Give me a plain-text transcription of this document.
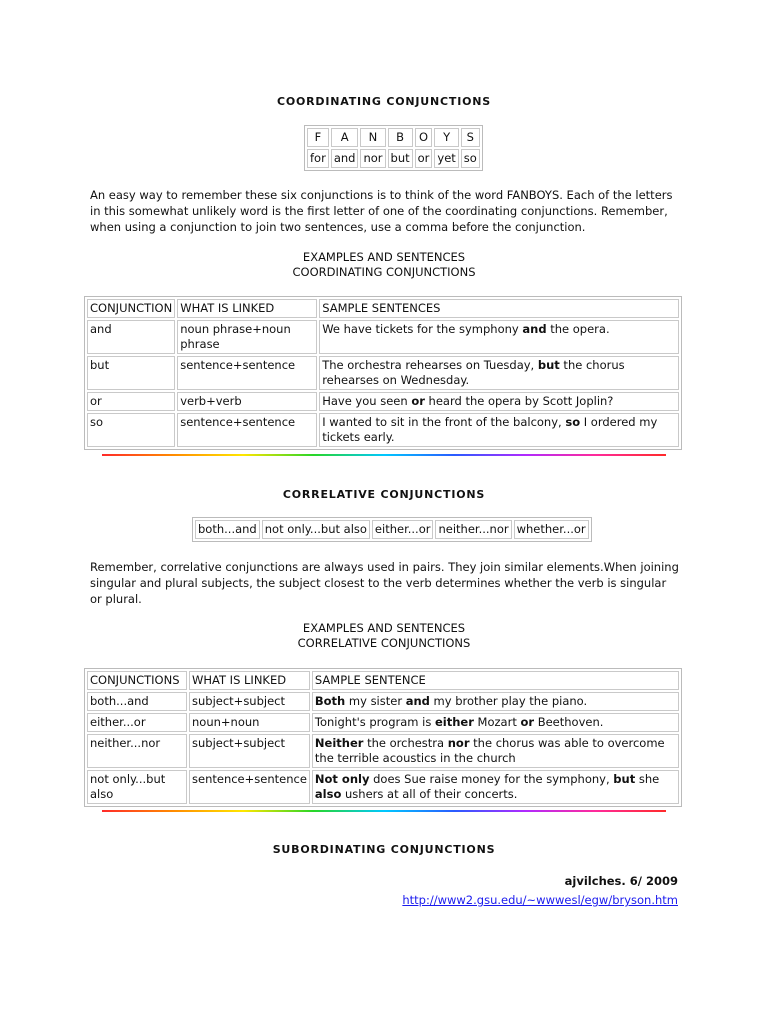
COORDINATING CONJUNCTIONS
F	A	N	B	O	Y	S
for	and	nor	but	or	yet	so
An easy way to remember these six conjunctions is to think of the word FANBOYS. Each of the letters in this somewhat unlikely word is the first letter of one of the coordinating conjunctions. Remember, when using a conjunction to join two sentences, use a comma before the conjunction.
EXAMPLES AND SENTENCES
COORDINATING CONJUNCTIONS
CONJUNCTION	WHAT IS LINKED	SAMPLE SENTENCES
and	noun phrase+noun phrase	We have tickets for the symphony and the opera.
but	sentence+sentence	The orchestra rehearses on Tuesday, but the chorus rehearses on Wednesday.
or	verb+verb	Have you seen or heard the opera by Scott Joplin?
so	sentence+sentence	I wanted to sit in the front of the balcony, so I ordered my tickets early.
CORRELATIVE CONJUNCTIONS
both...and	not only...but also	either...or	neither...nor	whether...or
Remember, correlative conjunctions are always used in pairs. They join similar elements.When joining singular and plural subjects, the subject closest to the verb determines whether the verb is singular or plural.
EXAMPLES AND SENTENCES
CORRELATIVE CONJUNCTIONS
CONJUNCTIONS	WHAT IS LINKED	SAMPLE SENTENCE
both...and	subject+subject	Both my sister and my brother play the piano.
either...or	noun+noun	Tonight's program is either Mozart or Beethoven.
neither...nor	subject+subject	Neither the orchestra nor the chorus was able to overcome the terrible acoustics in the church
not only...but also	sentence+sentence	Not only does Sue raise money for the symphony, but she also ushers at all of their concerts.
SUBORDINATING CONJUNCTIONS
ajvilches. 6/ 2009
http://www2.gsu.edu/~wwwesl/egw/bryson.htm
